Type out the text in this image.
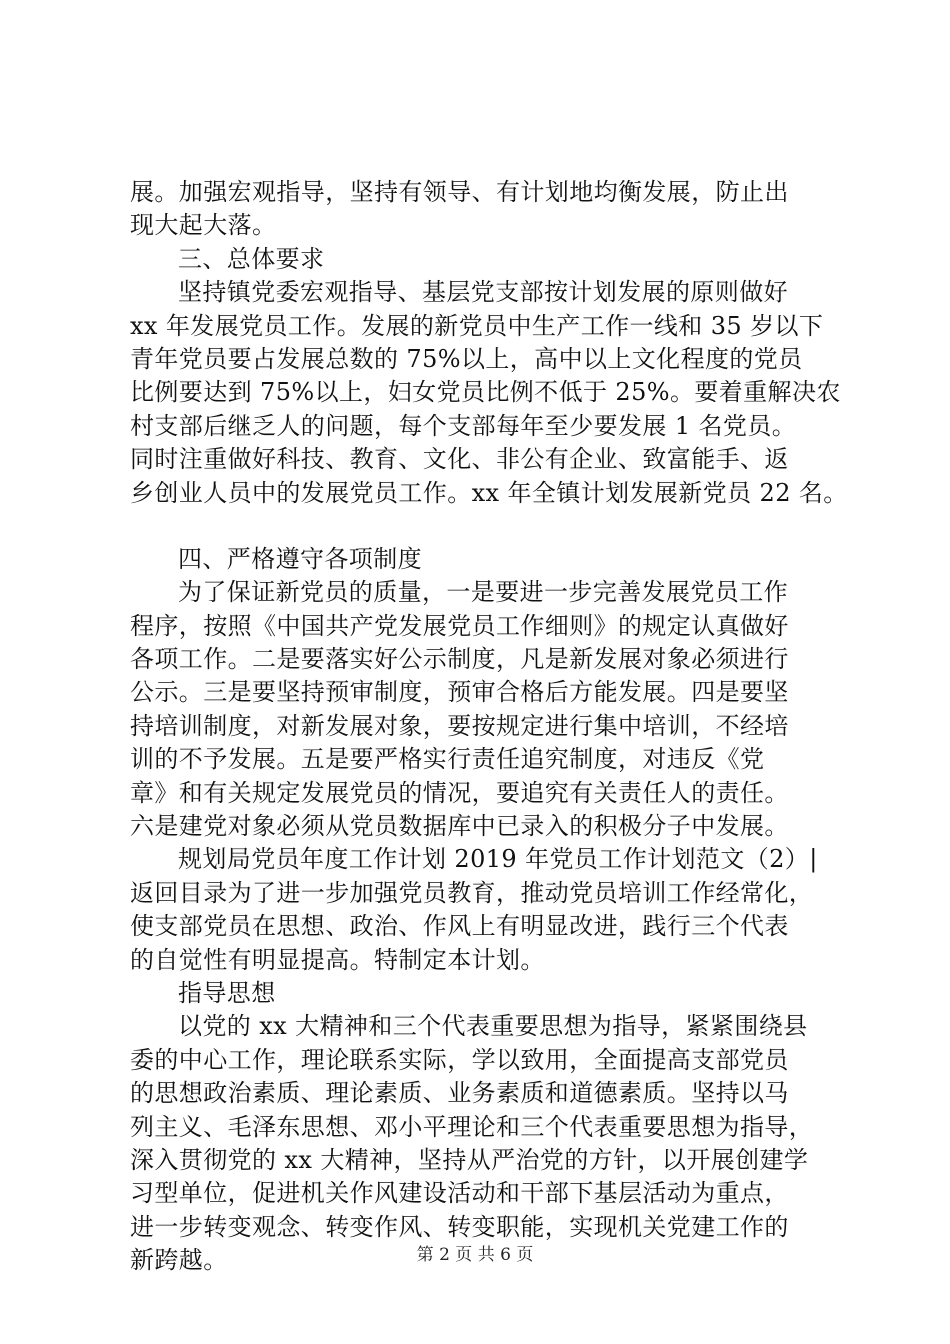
展。加强宏观指导，坚持有领导、有计划地均衡发展，防止出
现大起大落。
三、总体要求
坚持镇党委宏观指导、基层党支部按计划发展的原则做好
xx 年发展党员工作。发展的新党员中生产工作一线和 35 岁以下
青年党员要占发展总数的 75%以上，高中以上文化程度的党员
比例要达到 75%以上，妇女党员比例不低于 25%。要着重解决农
村支部后继乏人的问题，每个支部每年至少要发展 1 名党员。
同时注重做好科技、教育、文化、非公有企业、致富能手、返
乡创业人员中的发展党员工作。xx 年全镇计划发展新党员 22 名。
四、严格遵守各项制度
为了保证新党员的质量，一是要进一步完善发展党员工作
程序，按照《中国共产党发展党员工作细则》的规定认真做好
各项工作。二是要落实好公示制度，凡是新发展对象必须进行
公示。三是要坚持预审制度，预审合格后方能发展。四是要坚
持培训制度，对新发展对象，要按规定进行集中培训，不经培
训的不予发展。五是要严格实行责任追究制度，对违反《党
章》和有关规定发展党员的情况，要追究有关责任人的责任。
六是建党对象必须从党员数据库中已录入的积极分子中发展。
规划局党员年度工作计划 2019 年党员工作计划范文（2）|
返回目录为了进一步加强党员教育，推动党员培训工作经常化，
使支部党员在思想、政治、作风上有明显改进，践行三个代表
的自觉性有明显提高。特制定本计划。
指导思想
以党的 xx 大精神和三个代表重要思想为指导，紧紧围绕县
委的中心工作，理论联系实际，学以致用，全面提高支部党员
的思想政治素质、理论素质、业务素质和道德素质。坚持以马
列主义、毛泽东思想、邓小平理论和三个代表重要思想为指导，
深入贯彻党的 xx 大精神，坚持从严治党的方针，以开展创建学
习型单位，促进机关作风建设活动和干部下基层活动为重点，
进一步转变观念、转变作风、转变职能，实现机关党建工作的
新跨越。	第 2 页 共 6 页
